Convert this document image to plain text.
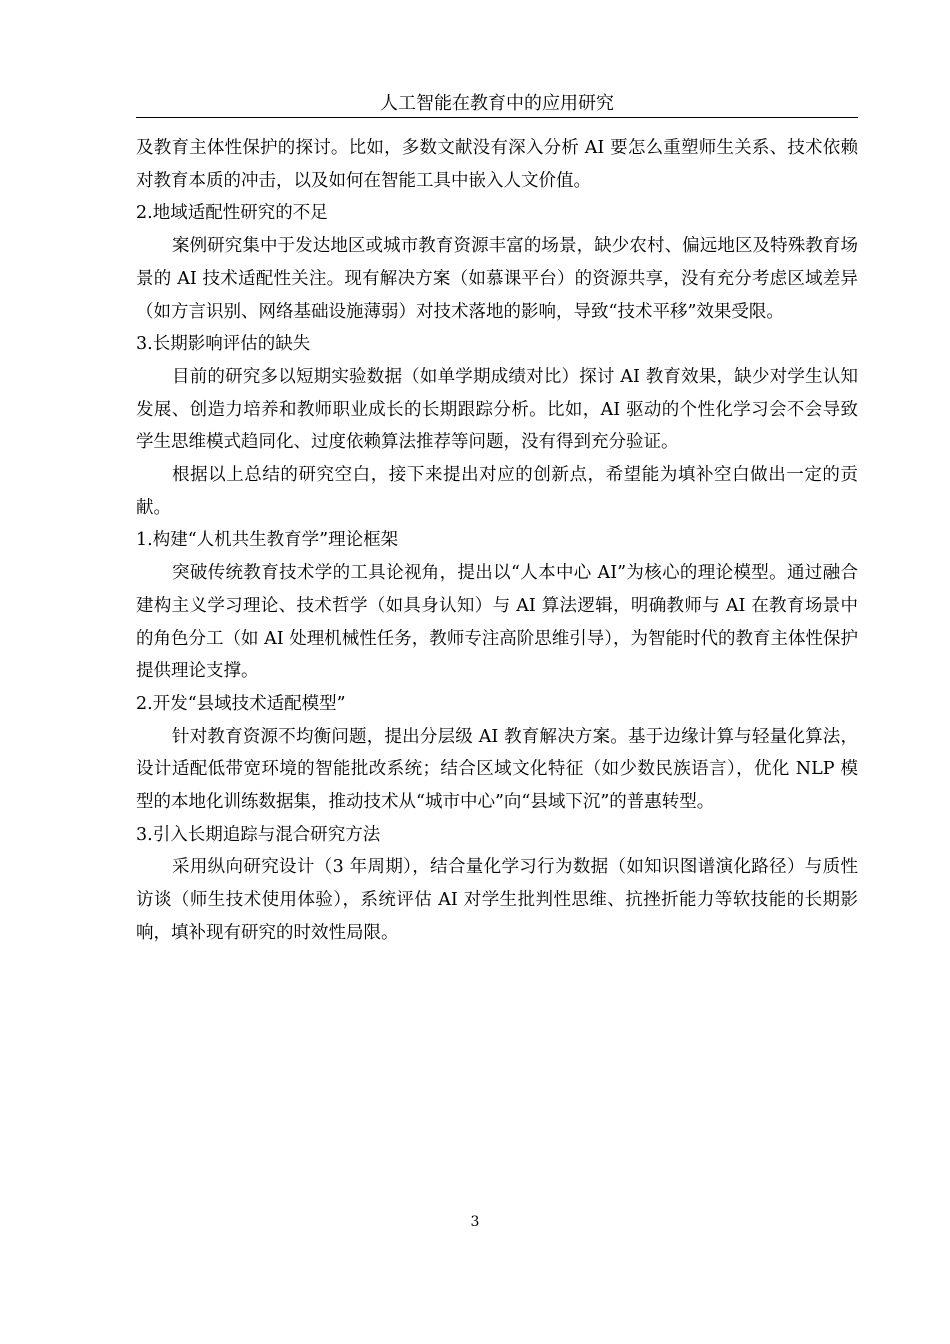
人工智能在教育中的应用研究

及教育主体性保护的探讨。比如，多数文献没有深入分析 AI 要怎么重塑师生关系、技术依赖对教育本质的冲击，以及如何在智能工具中嵌入人文价值。

2.地域适配性研究的不足

案例研究集中于发达地区或城市教育资源丰富的场景，缺少农村、偏远地区及特殊教育场景的 AI 技术适配性关注。现有解决方案（如慕课平台）的资源共享，没有充分考虑区域差异（如方言识别、网络基础设施薄弱）对技术落地的影响，导致“技术平移”效果受限。

3.长期影响评估的缺失

目前的研究多以短期实验数据（如单学期成绩对比）探讨 AI 教育效果，缺少对学生认知发展、创造力培养和教师职业成长的长期跟踪分析。比如，AI 驱动的个性化学习会不会导致学生思维模式趋同化、过度依赖算法推荐等问题，没有得到充分验证。

根据以上总结的研究空白，接下来提出对应的创新点，希望能为填补空白做出一定的贡献。

1.构建“人机共生教育学”理论框架

突破传统教育技术学的工具论视角，提出以“人本中心 AI”为核心的理论模型。通过融合建构主义学习理论、技术哲学（如具身认知）与 AI 算法逻辑，明确教师与 AI 在教育场景中的角色分工（如 AI 处理机械性任务，教师专注高阶思维引导），为智能时代的教育主体性保护提供理论支撑。

2.开发“县域技术适配模型”

针对教育资源不均衡问题，提出分层级 AI 教育解决方案。基于边缘计算与轻量化算法，设计适配低带宽环境的智能批改系统；结合区域文化特征（如少数民族语言），优化 NLP 模型的本地化训练数据集，推动技术从“城市中心”向“县域下沉”的普惠转型。

3.引入长期追踪与混合研究方法

采用纵向研究设计（3 年周期），结合量化学习行为数据（如知识图谱演化路径）与质性访谈（师生技术使用体验），系统评估 AI 对学生批判性思维、抗挫折能力等软技能的长期影响，填补现有研究的时效性局限。

3
